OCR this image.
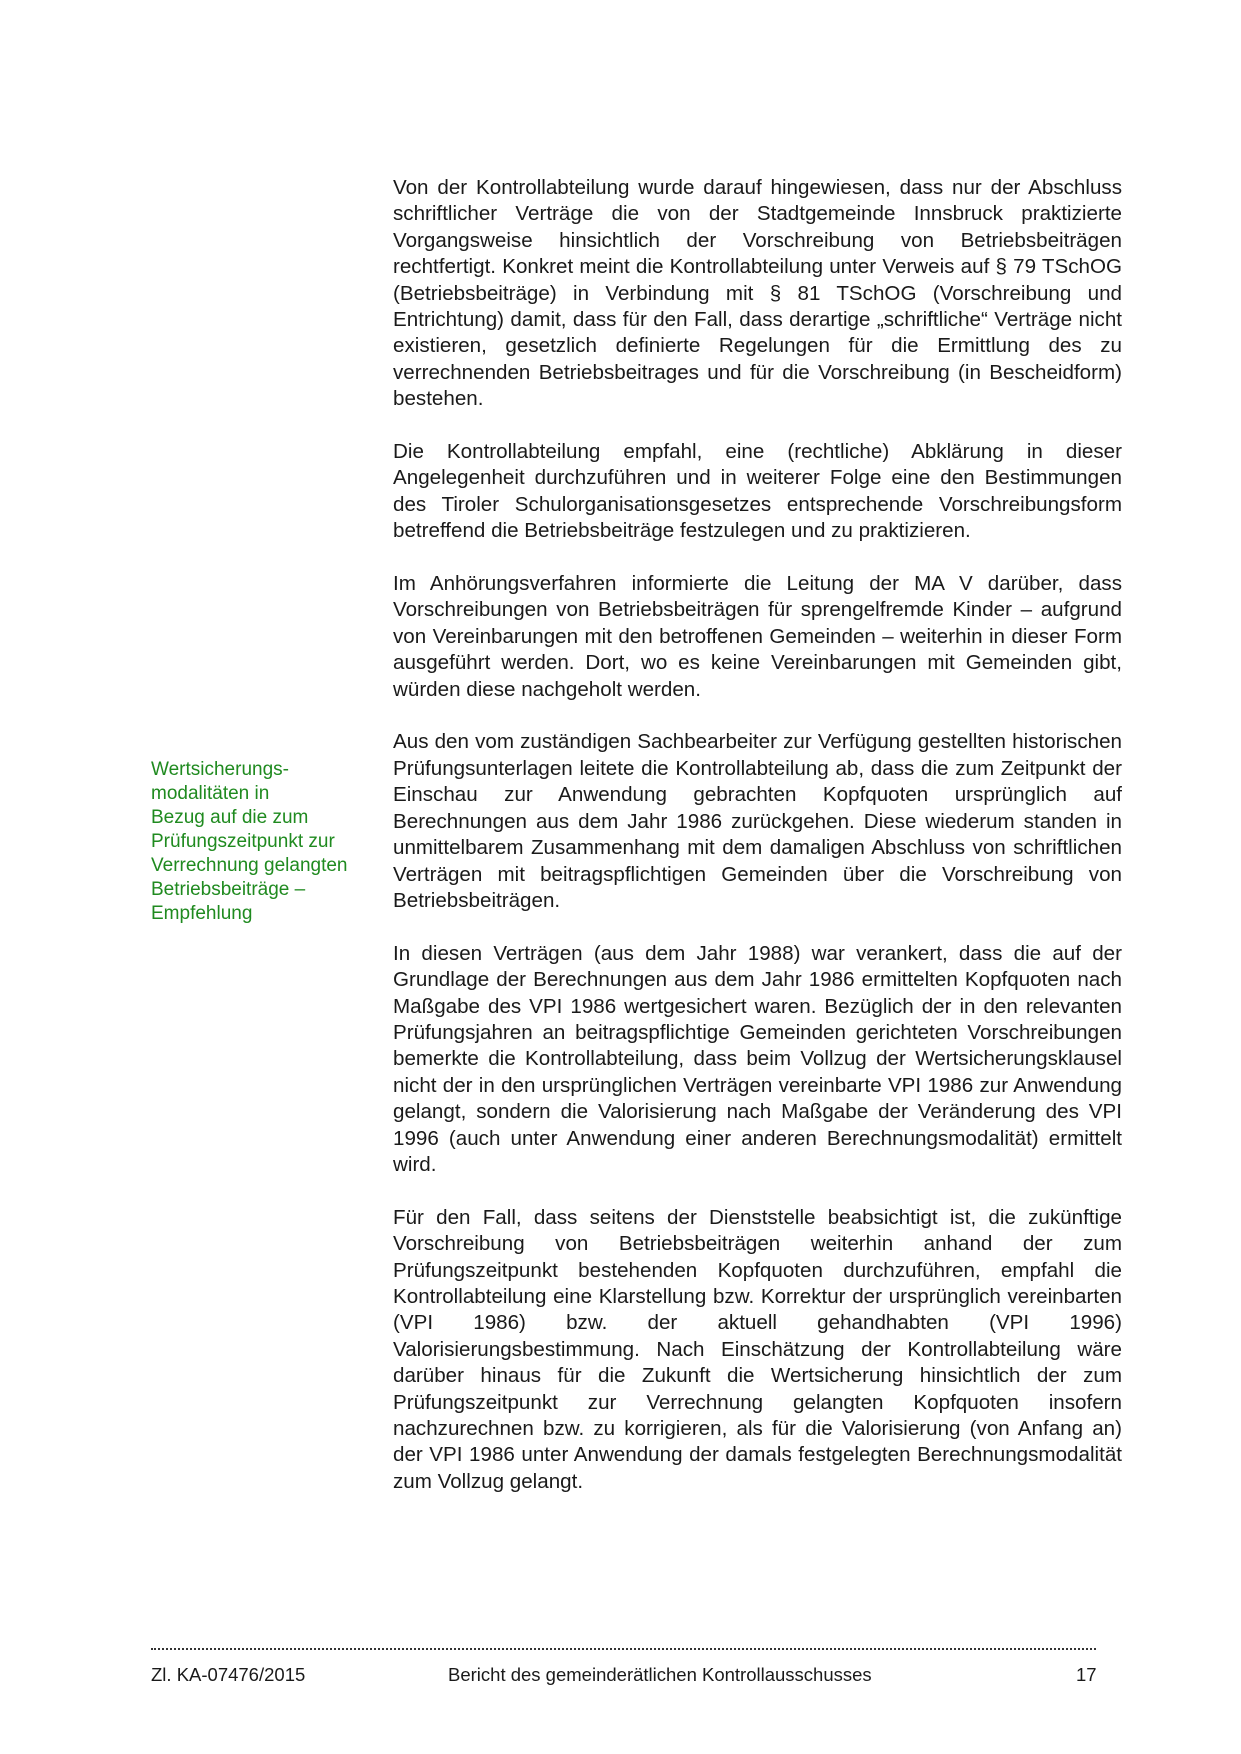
Von der Kontrollabteilung wurde darauf hingewiesen, dass nur der Abschluss schriftlicher Verträge die von der Stadtgemeinde Innsbruck praktizierte Vorgangsweise hinsichtlich der Vorschreibung von Betriebsbeiträgen rechtfertigt. Konkret meint die Kontrollabteilung unter Verweis auf § 79 TSchOG (Betriebsbeiträge) in Verbindung mit § 81 TSchOG (Vorschreibung und Entrichtung) damit, dass für den Fall, dass derartige „schriftliche“ Verträge nicht existieren, gesetzlich definierte Regelungen für die Ermittlung des zu verrechnenden Betriebsbeitrages und für die Vorschreibung (in Bescheidform) bestehen.

Die Kontrollabteilung empfahl, eine (rechtliche) Abklärung in dieser Angelegenheit durchzuführen und in weiterer Folge eine den Bestimmungen des Tiroler Schulorganisationsgesetzes entsprechende Vorschreibungsform betreffend die Betriebsbeiträge festzulegen und zu praktizieren.

Im Anhörungsverfahren informierte die Leitung der MA V darüber, dass Vorschreibungen von Betriebsbeiträgen für sprengelfremde Kinder – aufgrund von Vereinbarungen mit den betroffenen Gemeinden – weiterhin in dieser Form ausgeführt werden. Dort, wo es keine Vereinbarungen mit Gemeinden gibt, würden diese nachgeholt werden.

Aus den vom zuständigen Sachbearbeiter zur Verfügung gestellten historischen Prüfungsunterlagen leitete die Kontrollabteilung ab, dass die zum Zeitpunkt der Einschau zur Anwendung gebrachten Kopfquoten ursprünglich auf Berechnungen aus dem Jahr 1986 zurückgehen. Diese wiederum standen in unmittelbarem Zusammenhang mit dem damaligen Abschluss von schriftlichen Verträgen mit beitragspflichtigen Gemeinden über die Vorschreibung von Betriebsbeiträgen.

In diesen Verträgen (aus dem Jahr 1988) war verankert, dass die auf der Grundlage der Berechnungen aus dem Jahr 1986 ermittelten Kopfquoten nach Maßgabe des VPI 1986 wertgesichert waren. Bezüglich der in den relevanten Prüfungsjahren an beitragspflichtige Gemeinden gerichteten Vorschreibungen bemerkte die Kontrollabteilung, dass beim Vollzug der Wertsicherungsklausel nicht der in den ursprünglichen Verträgen vereinbarte VPI 1986 zur Anwendung gelangt, sondern die Valorisierung nach Maßgabe der Veränderung des VPI 1996 (auch unter Anwendung einer anderen Berechnungsmodalität) ermittelt wird.

Für den Fall, dass seitens der Dienststelle beabsichtigt ist, die zukünftige Vorschreibung von Betriebsbeiträgen weiterhin anhand der zum Prüfungszeitpunkt bestehenden Kopfquoten durchzuführen, empfahl die Kontrollabteilung eine Klarstellung bzw. Korrektur der ursprünglich vereinbarten (VPI 1986) bzw. der aktuell gehandhabten (VPI 1996) Valorisierungsbestimmung. Nach Einschätzung der Kontrollabteilung wäre darüber hinaus für die Zukunft die Wertsicherung hinsichtlich der zum Prüfungszeitpunkt zur Verrechnung gelangten Kopfquoten insofern nachzurechnen bzw. zu korrigieren, als für die Valorisierung (von Anfang an) der VPI 1986 unter Anwendung der damals festgelegten Berechnungsmodalität zum Vollzug gelangt.

Wertsicherungs-
modalitäten in
Bezug auf die zum
Prüfungszeitpunkt zur
Verrechnung gelangten
Betriebsbeiträge –
Empfehlung
Zl. KA-07476/2015	Bericht des gemeinderätlichen Kontrollausschusses	17
